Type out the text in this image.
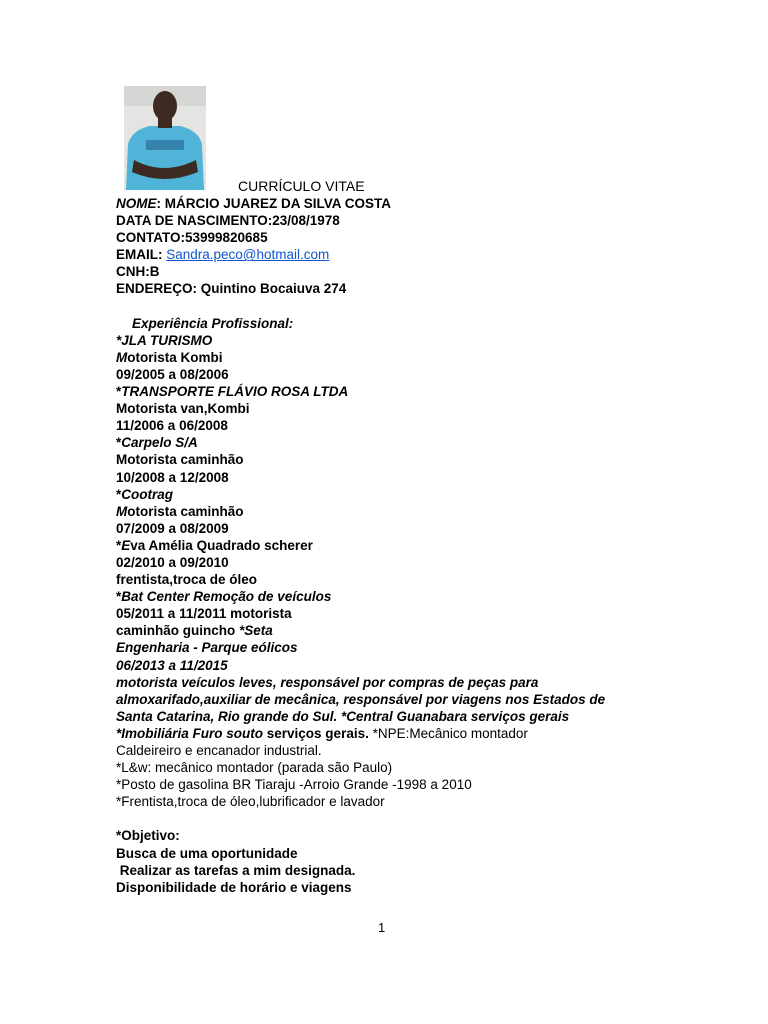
CURRÍCULO VITAE
NOME: MÁRCIO JUAREZ DA SILVA COSTA
DATA DE NASCIMENTO:23/08/1978
CONTATO:53999820685
EMAIL: Sandra.peco@hotmail.com
CNH:B
ENDEREÇO: Quintino Bocaiuva 274
Experiência Profissional:
*JLA TURISMO
Motorista Kombi
09/2005 a 08/2006
*TRANSPORTE FLÁVIO ROSA LTDA
Motorista van,Kombi
11/2006 a 06/2008
*Carpelo S/A
Motorista caminhão
10/2008 a 12/2008
*Cootrag
Motorista caminhão
07/2009 a 08/2009
*Eva Amélia Quadrado scherer
02/2010 a 09/2010
frentista,troca de óleo
*Bat Center Remoção de veículos
05/2011 a 11/2011 motorista
caminhão guincho *Seta
Engenharia - Parque eólicos
06/2013 a 11/2015
motorista veículos leves, responsável por compras de peças para almoxarifado,auxiliar de mecânica, responsável por viagens nos Estados de Santa Catarina, Rio grande do Sul. *Central Guanabara serviços gerais
*Imobiliária Furo souto serviços gerais. *NPE:Mecânico montador
Caldeireiro e encanador industrial.
*L&w: mecânico montador (parada são Paulo)
*Posto de gasolina BR Tiaraju -Arroio Grande -1998 a 2010
*Frentista,troca de óleo,lubrificador e lavador
*Objetivo:
Busca de uma oportunidade
Realizar as tarefas a mim designada.
Disponibilidade de horário e viagens
1
